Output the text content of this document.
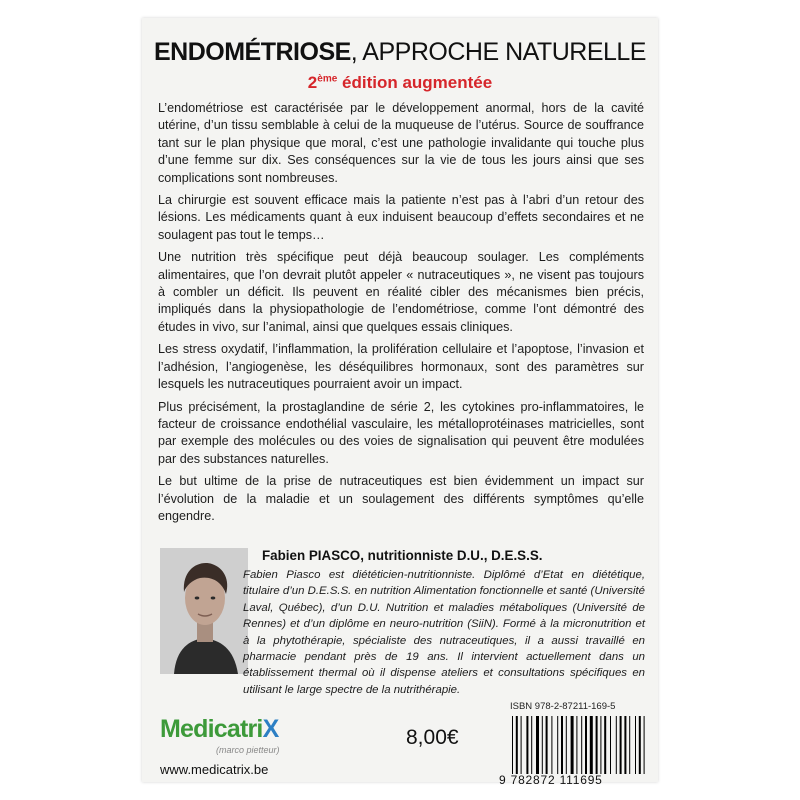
ENDOMÉTRIOSE, APPROCHE NATURELLE
2ème édition augmentée

L’endométriose est caractérisée par le développement anormal, hors de la cavité utérine, d’un tissu semblable à celui de la muqueuse de l’utérus. Source de souffrance tant sur le plan physique que moral, c’est une pathologie invalidante qui touche plus d’une femme sur dix. Ses conséquences sur la vie de tous les jours ainsi que ses complications sont nombreuses.

La chirurgie est souvent efficace mais la patiente n’est pas à l’abri d’un retour des lésions. Les médicaments quant à eux induisent beaucoup d’effets secondaires et ne soulagent pas tout le temps…

Une nutrition très spécifique peut déjà beaucoup soulager. Les compléments alimentaires, que l’on devrait plutôt appeler « nutraceutiques », ne visent pas toujours à combler un déficit. Ils peuvent en réalité cibler des mécanismes bien précis, impliqués dans la physiopathologie de l’endométriose, comme l’ont démontré des études in vivo, sur l’animal, ainsi que quelques essais cliniques.

Les stress oxydatif, l’inflammation, la prolifération cellulaire et l’apoptose, l’invasion et l’adhésion, l’angiogenèse, les déséquilibres hormonaux, sont des paramètres sur lesquels les nutraceutiques pourraient avoir un impact.

Plus précisément, la prostaglandine de série 2, les cytokines pro-inflammatoires, le facteur de croissance endothélial vasculaire, les métalloprotéinases matricielles, sont par exemple des molécules ou des voies de signalisation qui peuvent être modulées par des substances naturelles.

Le but ultime de la prise de nutraceutiques est bien évidemment un impact sur l’évolution de la maladie et un soulagement des différents symptômes qu’elle engendre.

Fabien PIASCO, nutritionniste D.U., D.E.S.S.
Fabien Piasco est diététicien-nutritionniste. Diplômé d’Etat en diététique, titulaire d’un D.E.S.S. en nutrition Alimentation fonctionnelle et santé (Université Laval, Québec), d’un D.U. Nutrition et maladies métaboliques (Université de Rennes) et d’un diplôme en neuro-nutrition (SiiN). Formé à la micronutrition et à la phytothérapie, spécialiste des nutraceutiques, il a aussi travaillé en pharmacie pendant près de 19 ans. Il intervient actuellement dans un établissement thermal où il dispense ateliers et consultations spécifiques en utilisant le large spectre de la nutrithérapie.
MedicatriX
(marco pietteur)
www.medicatrix.be
8,00€
ISBN 978-2-87211-169-5
9 782872 111695
